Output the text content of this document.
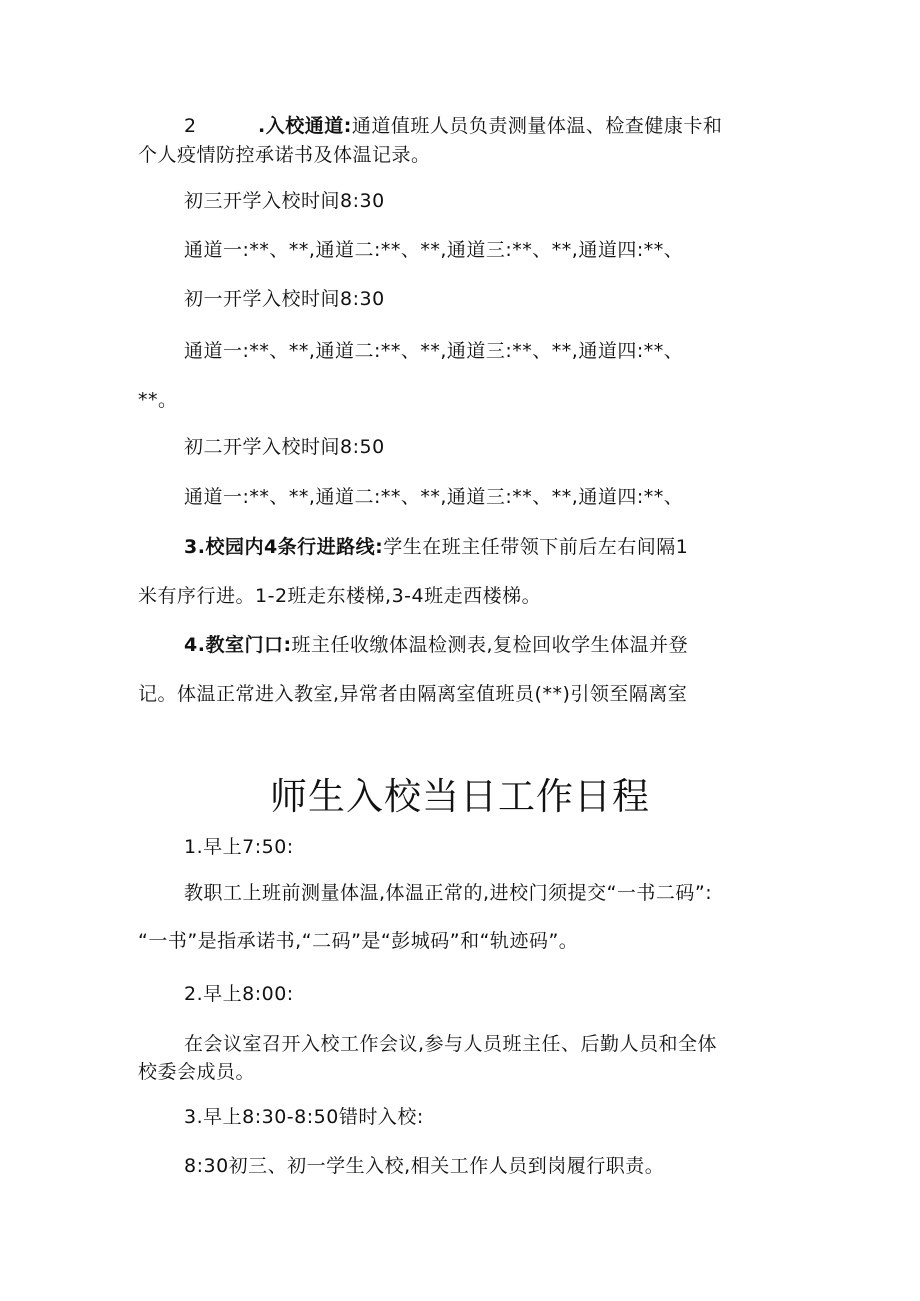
2	.入校通道:通道值班人员负责测量体温、检查健康卡和
个人疫情防控承诺书及体温记录。
初三开学入校时间8:30
通道一:**、**,通道二:**、**,通道三:**、**,通道四:**、
初一开学入校时间8:30
通道一:**、**,通道二:**、**,通道三:**、**,通道四:**、
**。
初二开学入校时间8:50
通道一:**、**,通道二:**、**,通道三:**、**,通道四:**、
3.校园内4条行进路线:学生在班主任带领下前后左右间隔1
米有序行进。1-2班走东楼梯,3-4班走西楼梯。
4.教室门口:班主任收缴体温检测表,复检回收学生体温并登
记。体温正常进入教室,异常者由隔离室值班员(**)引领至隔离室
师生入校当日工作日程
1.早上7:50:
教职工上班前测量体温,体温正常的,进校门须提交“一书二码”:
“一书”是指承诺书,“二码”是“彭城码”和“轨迹码”。
2.早上8:00:
在会议室召开入校工作会议,参与人员班主任、后勤人员和全体
校委会成员。
3.早上8:30-8:50错时入校:
8:30初三、初一学生入校,相关工作人员到岗履行职责。
